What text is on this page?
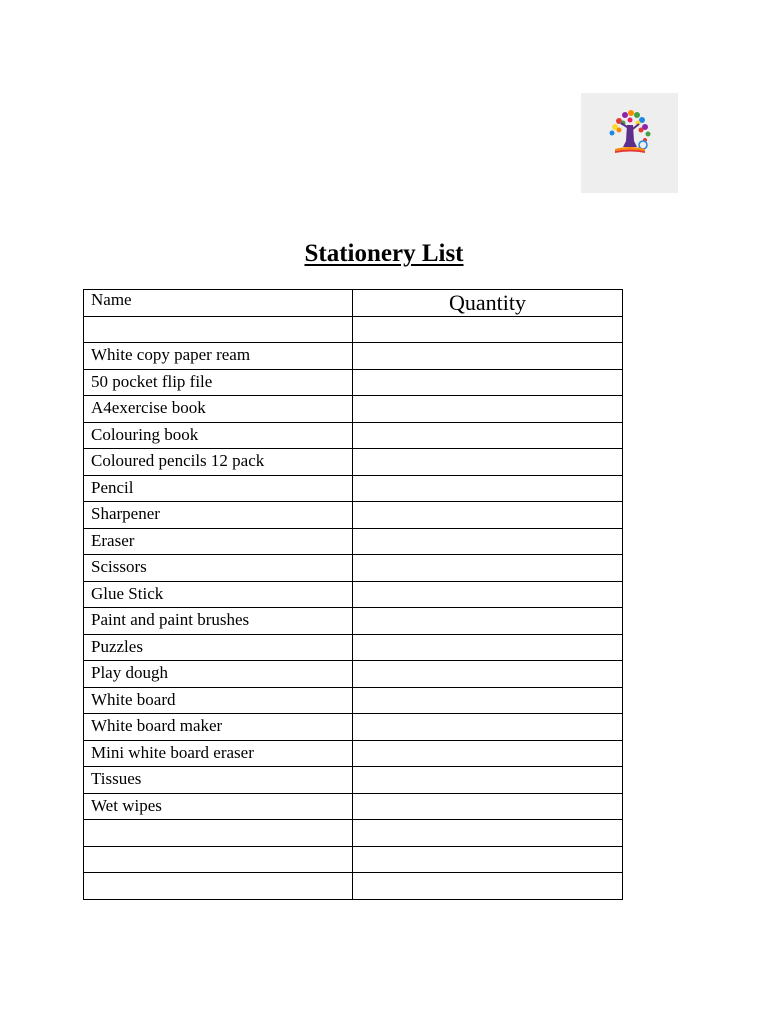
Stationery List
Name	Quantity

White copy paper ream	
50 pocket flip file	
A4exercise book	
Colouring book	
Coloured pencils 12 pack	
Pencil	
Sharpener	
Eraser	
Scissors	
Glue Stick	
Paint and paint brushes	
Puzzles	
Play dough	
White board	
White board maker	
Mini white board eraser	
Tissues	
Wet wipes	
